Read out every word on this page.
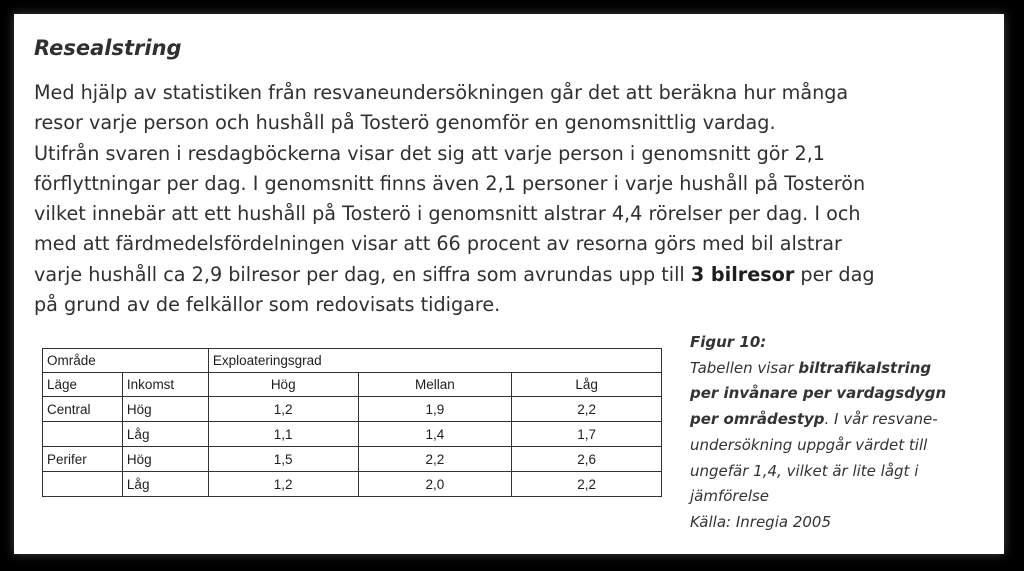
Resealstring

Med hjälp av statistiken från resvaneundersökningen går det att beräkna hur många
resor varje person och hushåll på Tosterö genomför en genomsnittlig vardag.
Utifrån svaren i resdagböckerna visar det sig att varje person i genomsnitt gör 2,1
förflyttningar per dag. I genomsnitt finns även 2,1 personer i varje hushåll på Tosterön
vilket innebär att ett hushåll på Tosterö i genomsnitt alstrar 4,4 rörelser per dag. I och
med att färdmedelsfördelningen visar att 66 procent av resorna görs med bil alstrar
varje hushåll ca 2,9 bilresor per dag, en siffra som avrundas upp till 3 bilresor per dag
på grund av de felkällor som redovisats tidigare.

Område		Exploateringsgrad		
Läge	Inkomst	Hög	Mellan	Låg
Central	Hög	1,2	1,9	2,2
	Låg	1,1	1,4	1,7
Perifer	Hög	1,5	2,2	2,6
	Låg	1,2	2,0	2,2
Figur 10:
Tabellen visar biltrafikalstring
per invånare per vardagsdygn
per områdestyp. I vår resvane-
undersökning uppgår värdet till
ungefär 1,4, vilket är lite lågt i
jämförelse
Källa: Inregia 2005
